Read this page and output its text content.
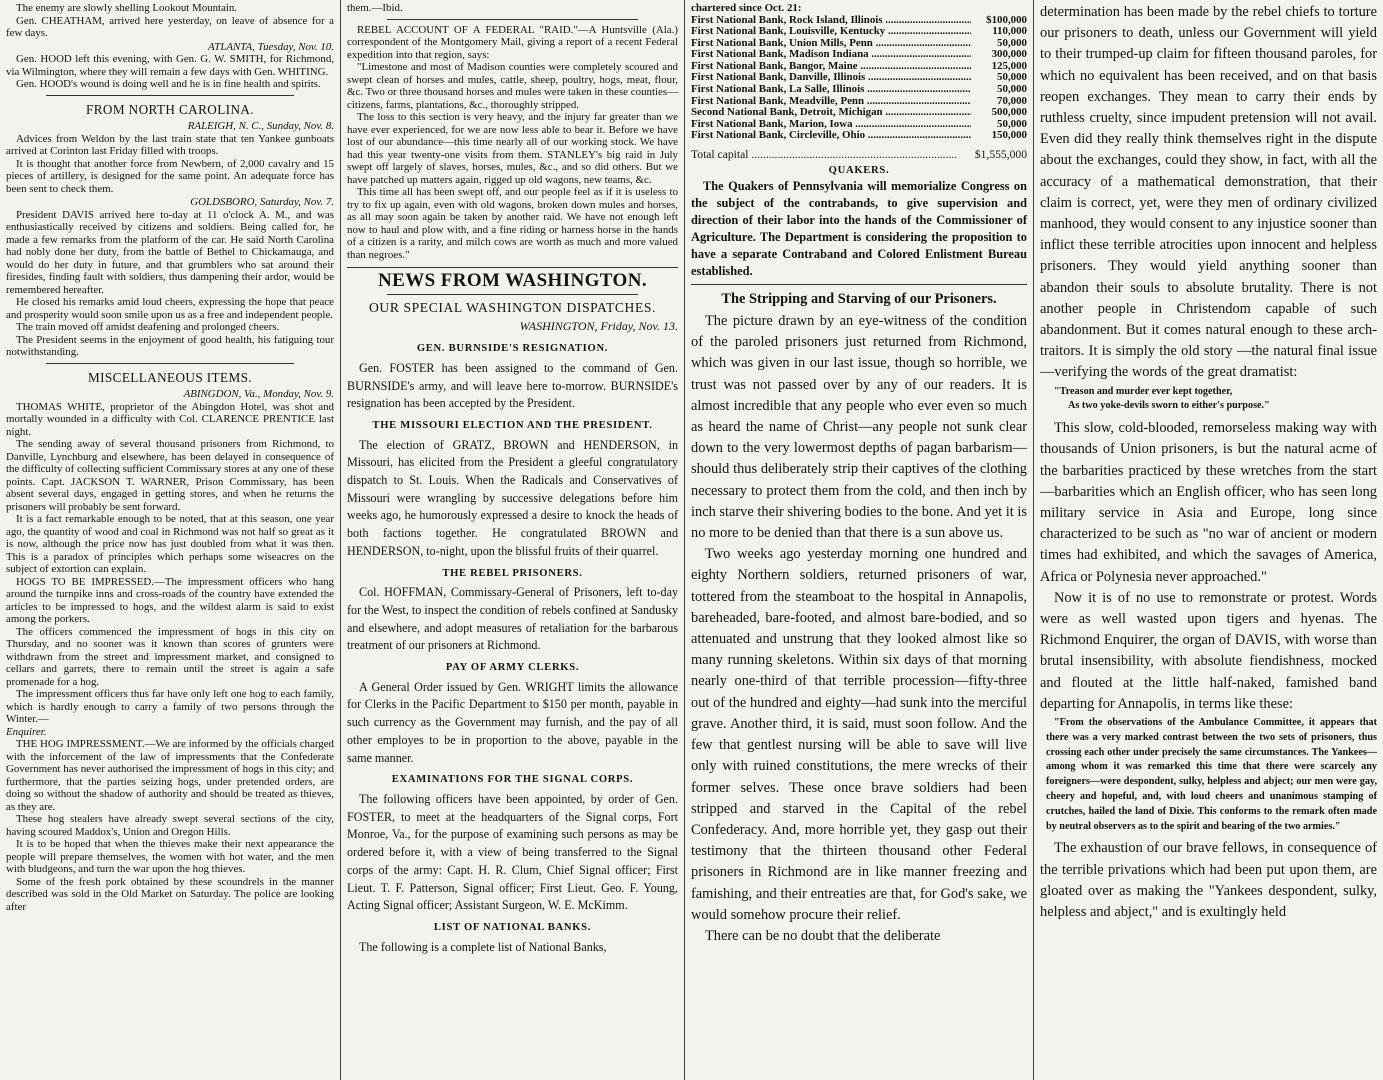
The enemy are slowly shelling Lookout Mountain.

Gen. CHEATHAM, arrived here yesterday, on leave of absence for a few days.

ATLANTA, Tuesday, Nov. 10.

Gen. HOOD left this evening, with Gen. G. W. SMITH, for Richmond, via Wilmington, where they will remain a few days with Gen. WHITING.

Gen. HOOD's wound is doing well and he is in fine health and spirits.

FROM NORTH CAROLINA.

RALEIGH, N. C., Sunday, Nov. 8.

Advices from Weldon by the last train state that ten Yankee gunboats arrived at Corinton last Friday filled with troops.

It is thought that another force from Newbern, of 2,000 cavalry and 15 pieces of artillery, is designed for the same point. An adequate force has been sent to check them.

GOLDSBORO, Saturday, Nov. 7.

President DAVIS arrived here to-day at 11 o'clock A. M., and was enthusiastically received by citizens and soldiers. Being called for, he made a few remarks from the platform of the car. He said North Carolina had nobly done her duty, from the battle of Bethel to Chickamauga, and would do her duty in future, and that grumblers who sat around their firesides, finding fault with soldiers, thus dampening their ardor, would be remembered hereafter.

He closed his remarks amid loud cheers, expressing the hope that peace and prosperity would soon smile upon us as a free and independent people.

The train moved off amidst deafening and prolonged cheers.

The President seems in the enjoyment of good health, his fatiguing tour notwithstanding.

MISCELLANEOUS ITEMS.

ABINGDON, Va., Monday, Nov. 9.

THOMAS WHITE, proprietor of the Abingdon Hotel, was shot and mortally wounded in a difficulty with Col. CLARENCE PRENTICE last night.

The sending away of several thousand prisoners from Richmond, to Danville, Lynchburg and elsewhere, has been delayed in consequence of the difficulty of collecting sufficient Commissary stores at any one of these points. Capt. JACKSON T. WARNER, Prison Commissary, has been absent several days, engaged in getting stores, and when he returns the prisoners will probably be sent forward.

It is a fact remarkable enough to be noted, that at this season, one year ago, the quantity of wood and coal in Richmond was not half so great as it is now, although the price now has just doubled from what it was then. This is a paradox of principles which perhaps some wiseacres on the subject of extortion can explain.

HOGS TO BE IMPRESSED.—The impressment officers who hang around the turnpike inns and cross-roads of the country have extended the articles to be impressed to hogs, and the wildest alarm is said to exist among the porkers.

The officers commenced the impressment of hogs in this city on Thursday, and no sooner was it known than scores of grunters were withdrawn from the street and impressment market, and consigned to cellars and garrets, there to remain until the street is again a safe promenade for a hog.

The impressment officers thus far have only left one hog to each family, which is hardly enough to carry a family of two persons through the Winter.—

Enquirer.

THE HOG IMPRESSMENT.—We are informed by the officials charged with the inforcement of the law of impressments that the Confederate Government has never authorised the impressment of hogs in this city; and furthermore, that the parties seizing hogs, under pretended orders, are doing so without the shadow of authority and should be treated as thieves, as they are.

These hog stealers have already swept several sections of the city, having scoured Maddox's, Union and Oregon Hills.

It is to be hoped that when the thieves make their next appearance the people will prepare themselves, the women with hot water, and the men with bludgeons, and turn the war upon the hog thieves.

Some of the fresh pork obtained by these scoundrels in the manner described was sold in the Old Market on Saturday. The police are looking after

them.—Ibid.

REBEL ACCOUNT OF A FEDERAL "RAID."—A Huntsville (Ala.) correspondent of the Montgomery Mail, giving a report of a recent Federal expedition into that region, says:

"Limestone and most of Madison counties were completely scoured and swept clean of horses and mules, cattle, sheep, poultry, hogs, meat, flour, &c. Two or three thousand horses and mules were taken in these counties—citizens, farms, plantations, &c., thoroughly stripped.

The loss to this section is very heavy, and the injury far greater than we have ever experienced, for we are now less able to bear it. Before we have lost of our abundance—this time nearly all of our working stock. We have had this year twenty-one visits from them. STANLEY's big raid in July swept off largely of slaves, horses, mules, &c., and so did others. But we have patched up matters again, rigged up old wagons, new teams, &c.

This time all has been swept off, and our people feel as if it is useless to try to fix up again, even with old wagons, broken down mules and horses, as all may soon again be taken by another raid. We have not enough left now to haul and plow with, and a fine riding or harness horse in the hands of a citizen is a rarity, and milch cows are worth as much and more valued than negroes."

NEWS FROM WASHINGTON.
OUR SPECIAL WASHINGTON DISPATCHES.

WASHINGTON, Friday, Nov. 13.

GEN. BURNSIDE'S RESIGNATION.

Gen. FOSTER has been assigned to the command of Gen. BURNSIDE's army, and will leave here to-morrow. BURNSIDE's resignation has been accepted by the President.

THE MISSOURI ELECTION AND THE PRESIDENT.

The election of GRATZ, BROWN and HENDERSON, in Missouri, has elicited from the President a gleeful congratulatory dispatch to St. Louis. When the Radicals and Conservatives of Missouri were wrangling by successive delegations before him weeks ago, he humorously expressed a desire to knock the heads of both factions together. He congratulated BROWN and HENDERSON, to-night, upon the blissful fruits of their quarrel.

THE REBEL PRISONERS.

Col. HOFFMAN, Commissary-General of Prisoners, left to-day for the West, to inspect the condition of rebels confined at Sandusky and elsewhere, and adopt measures of retaliation for the barbarous treatment of our prisoners at Richmond.

PAY OF ARMY CLERKS.

A General Order issued by Gen. WRIGHT limits the allowance for Clerks in the Pacific Department to $150 per month, payable in such currency as the Government may furnish, and the pay of all other employes to be in proportion to the above, payable in the same manner.

EXAMINATIONS FOR THE SIGNAL CORPS.

The following officers have been appointed, by order of Gen. FOSTER, to meet at the headquarters of the Signal corps, Fort Monroe, Va., for the purpose of examining such persons as may be ordered before it, with a view of being transferred to the Signal corps of the army: Capt. H. R. Clum, Chief Signal officer; First Lieut. T. F. Patterson, Signal officer; First Lieut. Geo. F. Young, Acting Signal officer; Assistant Surgeon, W. E. McKimm.

LIST OF NATIONAL BANKS.

The following is a complete list of National Banks,

chartered since Oct. 21:

First National Bank, Rock Island, Illinois .....	$100,000
First National Bank, Louisville, Kentucky .....	110,000
First National Bank, Union Mills, Penn .....	50,000
First National Bank, Madison Indiana .....	300,000
First National Bank, Bangor, Maine .....	125,000
First National Bank, Danville, Illinois .....	50,000
First National Bank, La Salle, Illinois .....	50,000
First National Bank, Meadville, Penn .....	70,000
Second National Bank, Detroit, Michigan .....	500,000
First National Bank, Marion, Iowa .....	50,000
First National Bank, Circleville, Ohio .....	150,000
Total capital .....	$1,555,000
QUAKERS.

The Quakers of Pennsylvania will memorialize Congress on the subject of the contrabands, to give supervision and direction of their labor into the hands of the Commissioner of Agriculture. The Department is considering the proposition to have a separate Contraband and Colored Enlistment Bureau established.

The Stripping and Starving of our Prisoners.

The picture drawn by an eye-witness of the condition of the paroled prisoners just returned from Richmond, which was given in our last issue, though so horrible, we trust was not passed over by any of our readers. It is almost incredible that any people who ever even so much as heard the name of Christ—any people not sunk clear down to the very lowermost depths of pagan barbarism—should thus deliberately strip their captives of the clothing necessary to protect them from the cold, and then inch by inch starve their shivering bodies to the bone. And yet it is no more to be denied than that there is a sun above us.

Two weeks ago yesterday morning one hundred and eighty Northern soldiers, returned prisoners of war, tottered from the steamboat to the hospital in Annapolis, bareheaded, bare-footed, and almost bare-bodied, and so attenuated and unstrung that they looked almost like so many running skeletons. Within six days of that morning nearly one-third of that terrible procession—fifty-three out of the hundred and eighty—had sunk into the merciful grave. Another third, it is said, must soon follow. And the few that gentlest nursing will be able to save will live only with ruined constitutions, the mere wrecks of their former selves. These once brave soldiers had been stripped and starved in the Capital of the rebel Confederacy. And, more horrible yet, they gasp out their testimony that the thirteen thousand other Federal prisoners in Richmond are in like manner freezing and famishing, and their entreaties are that, for God's sake, we would somehow procure their relief.

There can be no doubt that the deliberate

determination has been made by the rebel chiefs to torture our prisoners to death, unless our Government will yield to their trumped-up claim for fifteen thousand paroles, for which no equivalent has been received, and on that basis reopen exchanges. They mean to carry their ends by ruthless cruelty, since impudent pretension will not avail. Even did they really think themselves right in the dispute about the exchanges, could they show, in fact, with all the accuracy of a mathematical demonstration, that their claim is correct, yet, were they men of ordinary civilized manhood, they would consent to any injustice sooner than inflict these terrible atrocities upon innocent and helpless prisoners. They would yield anything sooner than abandon their souls to absolute brutality. There is not another people in Christendom capable of such abandonment. But it comes natural enough to these arch-traitors. It is simply the old story —the natural final issue—verifying the words of the great dramatist:

"Treason and murder ever kept together,

As two yoke-devils sworn to either's purpose."

This slow, cold-blooded, remorseless making way with thousands of Union prisoners, is but the natural acme of the barbarities practiced by these wretches from the start—barbarities which an English officer, who has seen long military service in Asia and Europe, long since characterized to be such as "no war of ancient or modern times had exhibited, and which the savages of America, Africa or Polynesia never approached."

Now it is of no use to remonstrate or protest. Words were as well wasted upon tigers and hyenas. The Richmond Enquirer, the organ of DAVIS, with worse than brutal insensibility, with absolute fiendishness, mocked and flouted at the little half-naked, famished band departing for Annapolis, in terms like these:

"From the observations of the Ambulance Committee, it appears that there was a very marked contrast between the two sets of prisoners, thus crossing each other under precisely the same circumstances. The Yankees—among whom it was remarked this time that there were scarcely any foreigners—were despondent, sulky, helpless and abject; our men were gay, cheery and hopeful, and, with loud cheers and unanimous stamping of crutches, hailed the land of Dixie. This conforms to the remark often made by neutral observers as to the spirit and bearing of the two armies."

The exhaustion of our brave fellows, in consequence of the terrible privations which had been put upon them, are gloated over as making the "Yankees despondent, sulky, helpless and abject," and is exultingly held
